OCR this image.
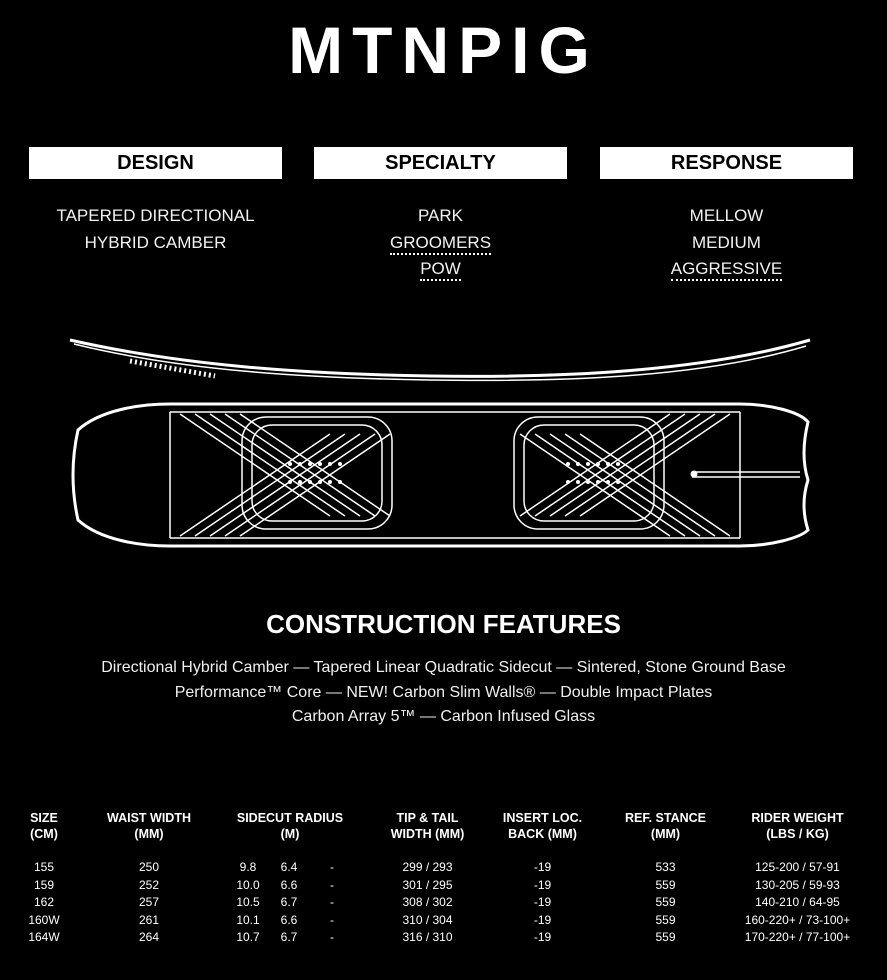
MTNPIG
DESIGN	SPECIALTY	RESPONSE
TAPERED DIRECTIONAL
HYBRID CAMBER
PARK
GROOMERS
POW
MELLOW
MEDIUM
AGGRESSIVE
CONSTRUCTION FEATURES
Directional Hybrid Camber — Tapered Linear Quadratic Sidecut — Sintered, Stone Ground Base
Performance™ Core — NEW! Carbon Slim Walls® — Double Impact Plates
Carbon Array 5™ — Carbon Infused Glass
SIZE
(CM)
WAIST WIDTH
(MM)
SIDECUT RADIUS
(M)
TIP & TAIL
WIDTH (MM)
INSERT LOC.
BACK (MM)
REF. STANCE
(MM)
RIDER WEIGHT
(LBS / KG)
155	250	9.8	6.4	-	299 / 293	-19	533	125-200 / 57-91
159	252	10.0	6.6	-	301 / 295	-19	559	130-205 / 59-93
162	257	10.5	6.7	-	308 / 302	-19	559	140-210 / 64-95
160W	261	10.1	6.6	-	310 / 304	-19	559	160-220+ / 73-100+
164W	264	10.7	6.7	-	316 / 310	-19	559	170-220+ / 77-100+
